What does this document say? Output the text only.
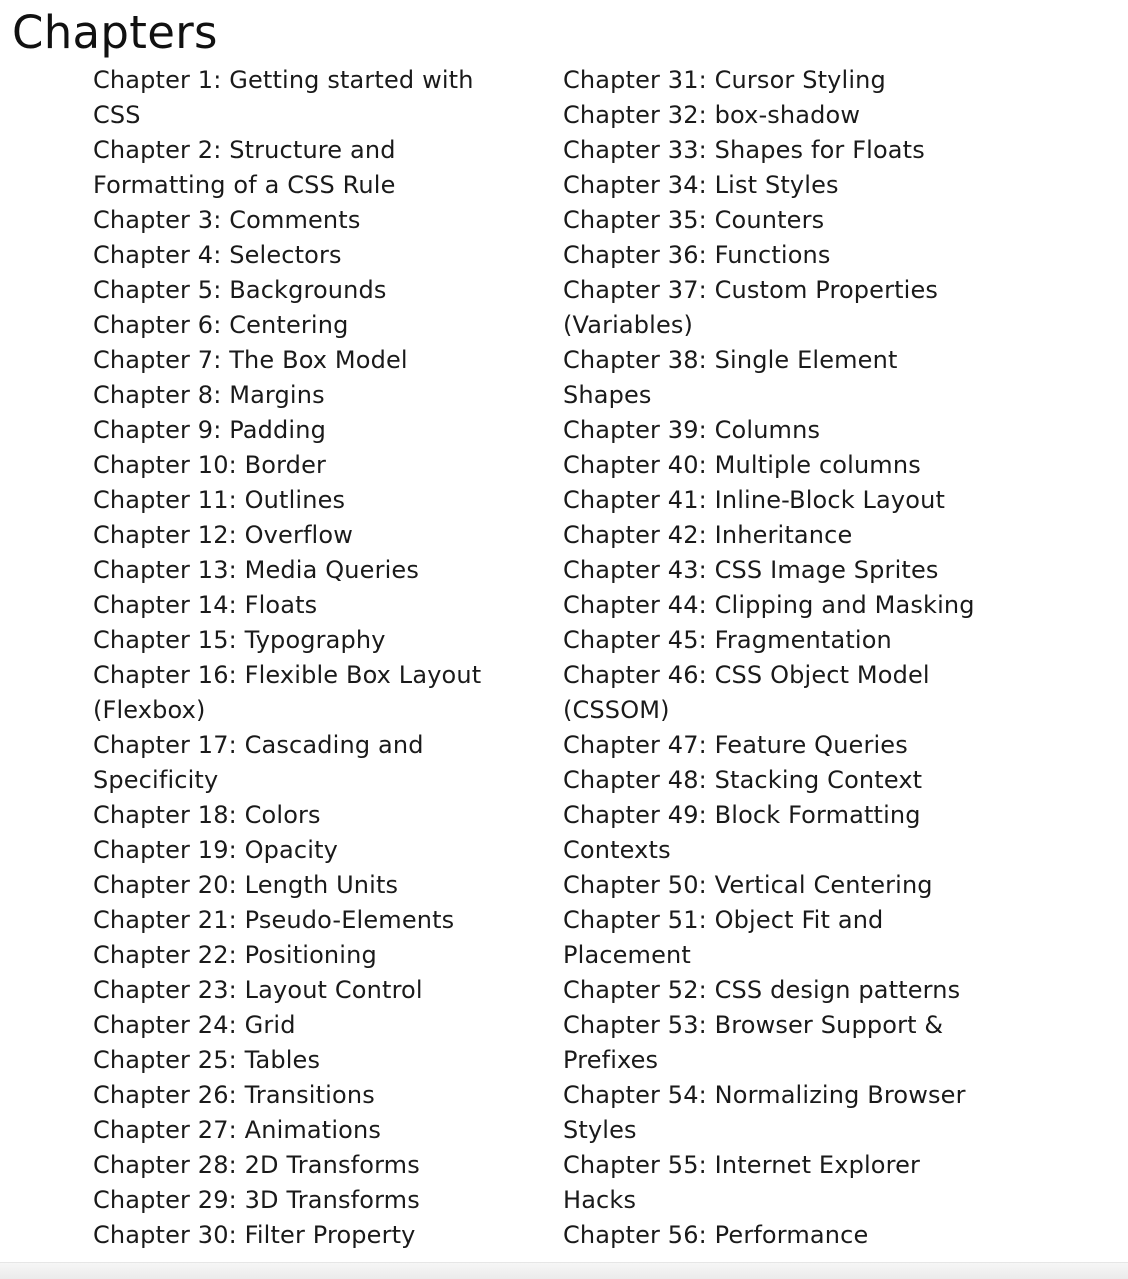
Chapters
Chapter 1: Getting started with
CSS
Chapter 2: Structure and
Formatting of a CSS Rule
Chapter 3: Comments
Chapter 4: Selectors
Chapter 5: Backgrounds
Chapter 6: Centering
Chapter 7: The Box Model
Chapter 8: Margins
Chapter 9: Padding
Chapter 10: Border
Chapter 11: Outlines
Chapter 12: Overflow
Chapter 13: Media Queries
Chapter 14: Floats
Chapter 15: Typography
Chapter 16: Flexible Box Layout
(Flexbox)
Chapter 17: Cascading and
Specificity
Chapter 18: Colors
Chapter 19: Opacity
Chapter 20: Length Units
Chapter 21: Pseudo-Elements
Chapter 22: Positioning
Chapter 23: Layout Control
Chapter 24: Grid
Chapter 25: Tables
Chapter 26: Transitions
Chapter 27: Animations
Chapter 28: 2D Transforms
Chapter 29: 3D Transforms
Chapter 30: Filter Property
Chapter 31: Cursor Styling
Chapter 32: box-shadow
Chapter 33: Shapes for Floats
Chapter 34: List Styles
Chapter 35: Counters
Chapter 36: Functions
Chapter 37: Custom Properties
(Variables)
Chapter 38: Single Element
Shapes
Chapter 39: Columns
Chapter 40: Multiple columns
Chapter 41: Inline-Block Layout
Chapter 42: Inheritance
Chapter 43: CSS Image Sprites
Chapter 44: Clipping and Masking
Chapter 45: Fragmentation
Chapter 46: CSS Object Model
(CSSOM)
Chapter 47: Feature Queries
Chapter 48: Stacking Context
Chapter 49: Block Formatting
Contexts
Chapter 50: Vertical Centering
Chapter 51: Object Fit and
Placement
Chapter 52: CSS design patterns
Chapter 53: Browser Support &
Prefixes
Chapter 54: Normalizing Browser
Styles
Chapter 55: Internet Explorer
Hacks
Chapter 56: Performance
